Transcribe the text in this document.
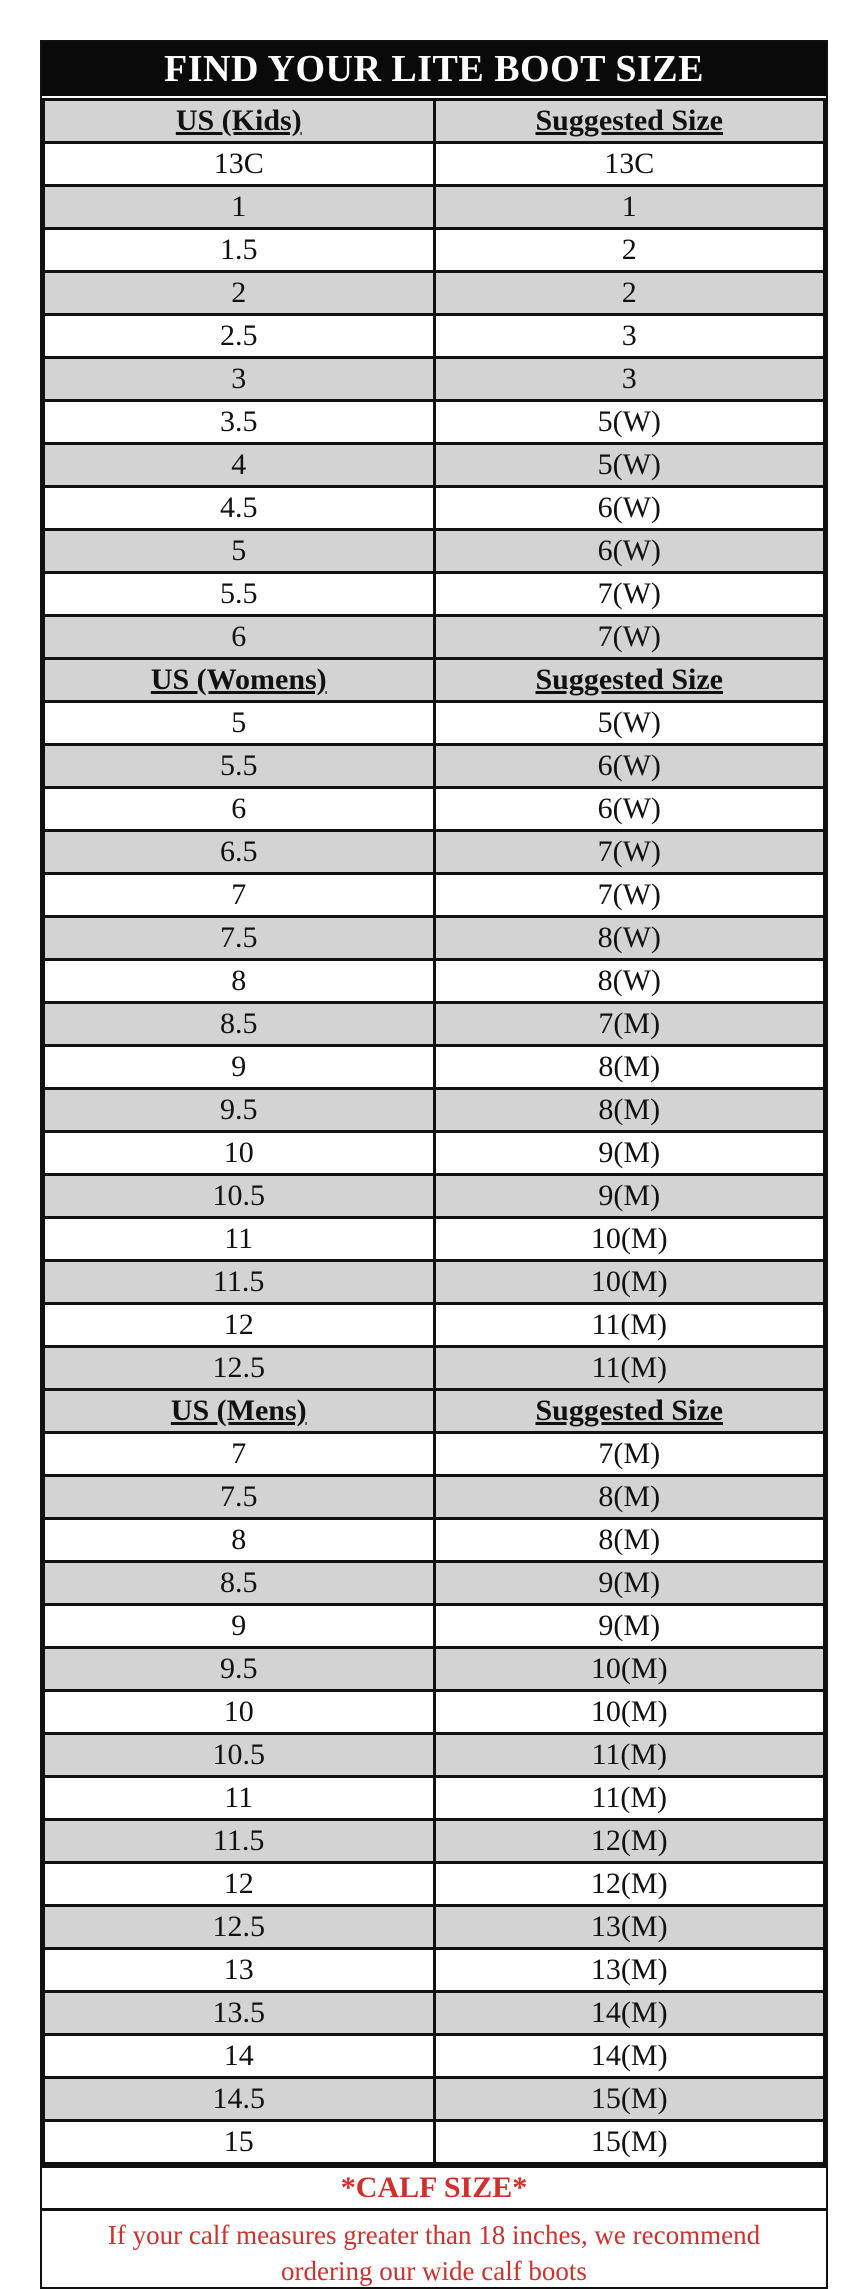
FIND YOUR LITE BOOT SIZE
US (Kids)	Suggested Size
13C	13C
1	1
1.5	2
2	2
2.5	3
3	3
3.5	5(W)
4	5(W)
4.5	6(W)
5	6(W)
5.5	7(W)
6	7(W)
US (Womens)	Suggested Size
5	5(W)
5.5	6(W)
6	6(W)
6.5	7(W)
7	7(W)
7.5	8(W)
8	8(W)
8.5	7(M)
9	8(M)
9.5	8(M)
10	9(M)
10.5	9(M)
11	10(M)
11.5	10(M)
12	11(M)
12.5	11(M)
US (Mens)	Suggested Size
7	7(M)
7.5	8(M)
8	8(M)
8.5	9(M)
9	9(M)
9.5	10(M)
10	10(M)
10.5	11(M)
11	11(M)
11.5	12(M)
12	12(M)
12.5	13(M)
13	13(M)
13.5	14(M)
14	14(M)
14.5	15(M)
15	15(M)
*CALF SIZE*
If your calf measures greater than 18 inches, we recommend ordering our wide calf boots
